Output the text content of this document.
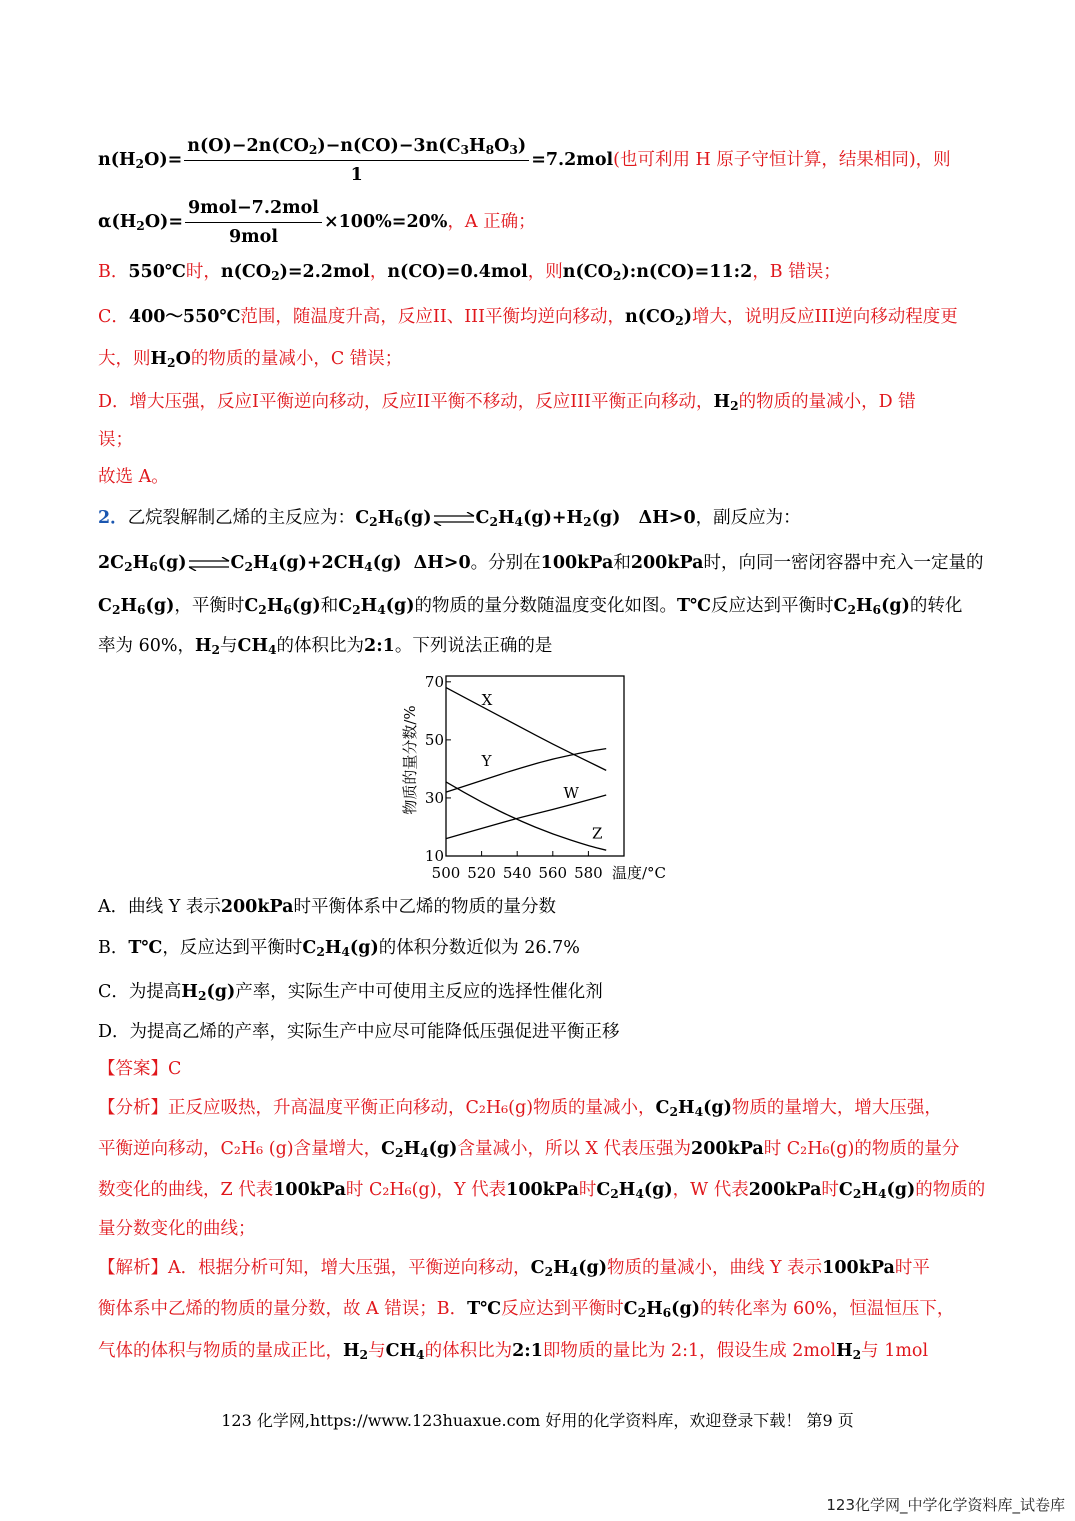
$n(H_2O)= \frac{n(O)-2n(CO_2)-n(CO)-3n(C_3H_8O_3)}{1} =7.2mol$(也可利用 H 原子守恒计算，结果相同)，则
$\alpha(H_2O)= \frac{\text{9mol−7.2mol}}{\text{9mol}} \times 100\%=20\%$，A 正确；
B．550℃时，$n(CO_2)=2.2mol$，n(CO)=0.4mol，则$n(CO_2):n(CO)=11:2$，B 错误；
C．400～550℃范围，随温度升高，反应II、III平衡均逆向移动，$n(CO_2)$增大，说明反应III逆向移动程度更
大，则$H_2O$的物质的量减小，C 错误；
D．增大压强，反应I平衡逆向移动，反应II平衡不移动，反应III平衡正向移动，$H_2$的物质的量减小，D 错
误；
故选 A。
2．乙烷裂解制乙烯的主反应为：$C_2H_6(g)\rightleftharpoons C_2H_4(g)+H_2(g)$   ΔH>0，副反应为：
$2C_2H_6(g)\rightleftharpoons C_2H_4(g)+2CH_4(g)$  ΔH>0。分别在100kPa和200kPa时，向同一密闭容器中充入一定量的
$C_2H_6(g)$，平衡时$C_2H_6(g)$和$C_2H_4(g)$的物质的量分数随温度变化如图。T℃反应达到平衡时$C_2H_6(g)$的转化
率为 60%，$H_2$与$CH_4$的体积比为2:1。下列说法正确的是
10
30
50
70
500 520 540 560 580
X
Y
W
Z
物质的量分数/%
温度/°C
A．曲线 Y 表示200kPa时平衡体系中乙烯的物质的量分数
B．T℃，反应达到平衡时$C_2H_4(g)$的体积分数近似为 26.7%
C．为提高$H_2(g)$产率，实际生产中可使用主反应的选择性催化剂
D．为提高乙烯的产率，实际生产中应尽可能降低压强促进平衡正移
【答案】C
【分析】正反应吸热，升高温度平衡正向移动，C₂H₆(g)物质的量减小，$C_2H_4(g)$物质的量增大，增大压强，
平衡逆向移动，C₂H₆ (g)含量增大，$C_2H_4(g)$含量减小，所以 X 代表压强为200kPa时 C₂H₆(g)的物质的量分
数变化的曲线，Z 代表100kPa时 C₂H₆(g)，Y 代表100kPa时$C_2H_4(g)$，W 代表200kPa时$C_2H_4(g)$的物质的
量分数变化的曲线；
【解析】A．根据分析可知，增大压强，平衡逆向移动，$C_2H_4(g)$物质的量减小，曲线 Y 表示100kPa时平
衡体系中乙烯的物质的量分数，故 A 错误；B．T℃反应达到平衡时$C_2H_6(g)$的转化率为 60%，恒温恒压下，
气体的体积与物质的量成正比，$H_2$与$CH_4$的体积比为2:1即物质的量比为 2:1，假设生成 2molH$_2$与 1mol
123 化学网,https://www.123huaxue.com 好用的化学资料库，欢迎登录下载！ 第9 页
123化学网_中学化学资料库_试卷库
